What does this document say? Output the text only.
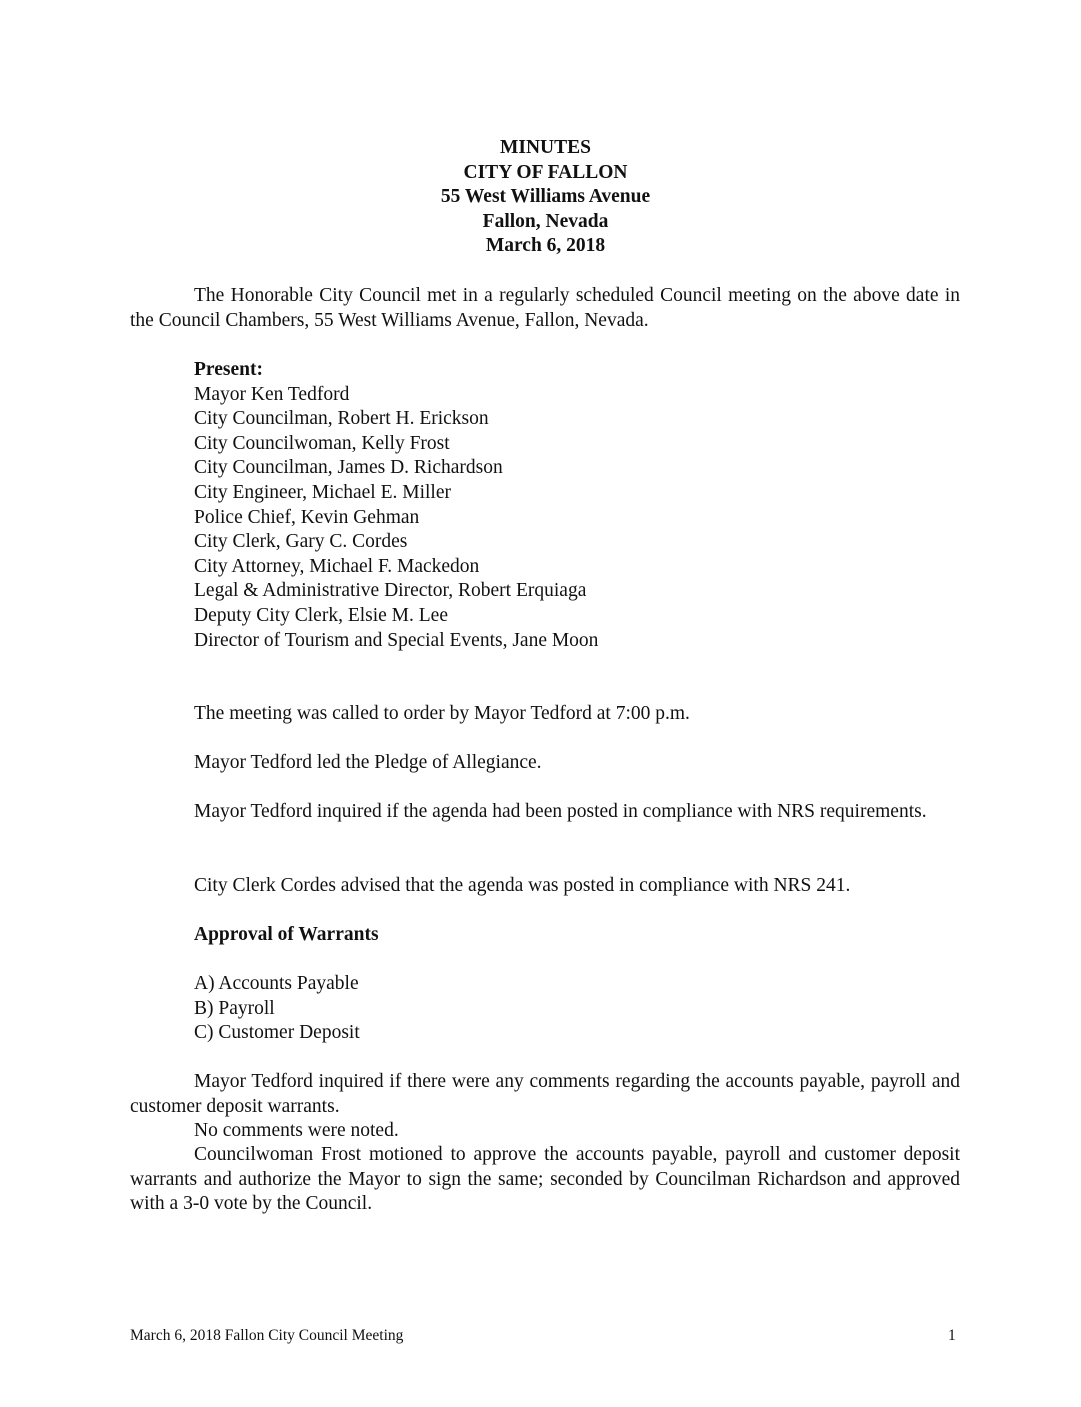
MINUTES
CITY OF FALLON
55 West Williams Avenue
Fallon, Nevada
March 6, 2018
The Honorable City Council met in a regularly scheduled Council meeting on the above date in the Council Chambers, 55 West Williams Avenue, Fallon, Nevada.
Present:
Mayor Ken Tedford
City Councilman, Robert H. Erickson
City Councilwoman, Kelly Frost
City Councilman, James D. Richardson
City Engineer, Michael E. Miller
Police Chief, Kevin Gehman
City Clerk, Gary C. Cordes
City Attorney, Michael F. Mackedon
Legal & Administrative Director, Robert Erquiaga
Deputy City Clerk, Elsie M. Lee
Director of Tourism and Special Events, Jane Moon
The meeting was called to order by Mayor Tedford at 7:00 p.m.
Mayor Tedford led the Pledge of Allegiance.
Mayor Tedford inquired if the agenda had been posted in compliance with NRS requirements.
City Clerk Cordes advised that the agenda was posted in compliance with NRS 241.
Approval of Warrants
A) Accounts Payable
B) Payroll
C) Customer Deposit
Mayor Tedford inquired if there were any comments regarding the accounts payable, payroll and customer deposit warrants.
No comments were noted.
Councilwoman Frost motioned to approve the accounts payable, payroll and customer deposit warrants and authorize the Mayor to sign the same; seconded by Councilman Richardson and approved with a 3-0 vote by the Council.
March 6, 2018 Fallon City Council Meeting	1
